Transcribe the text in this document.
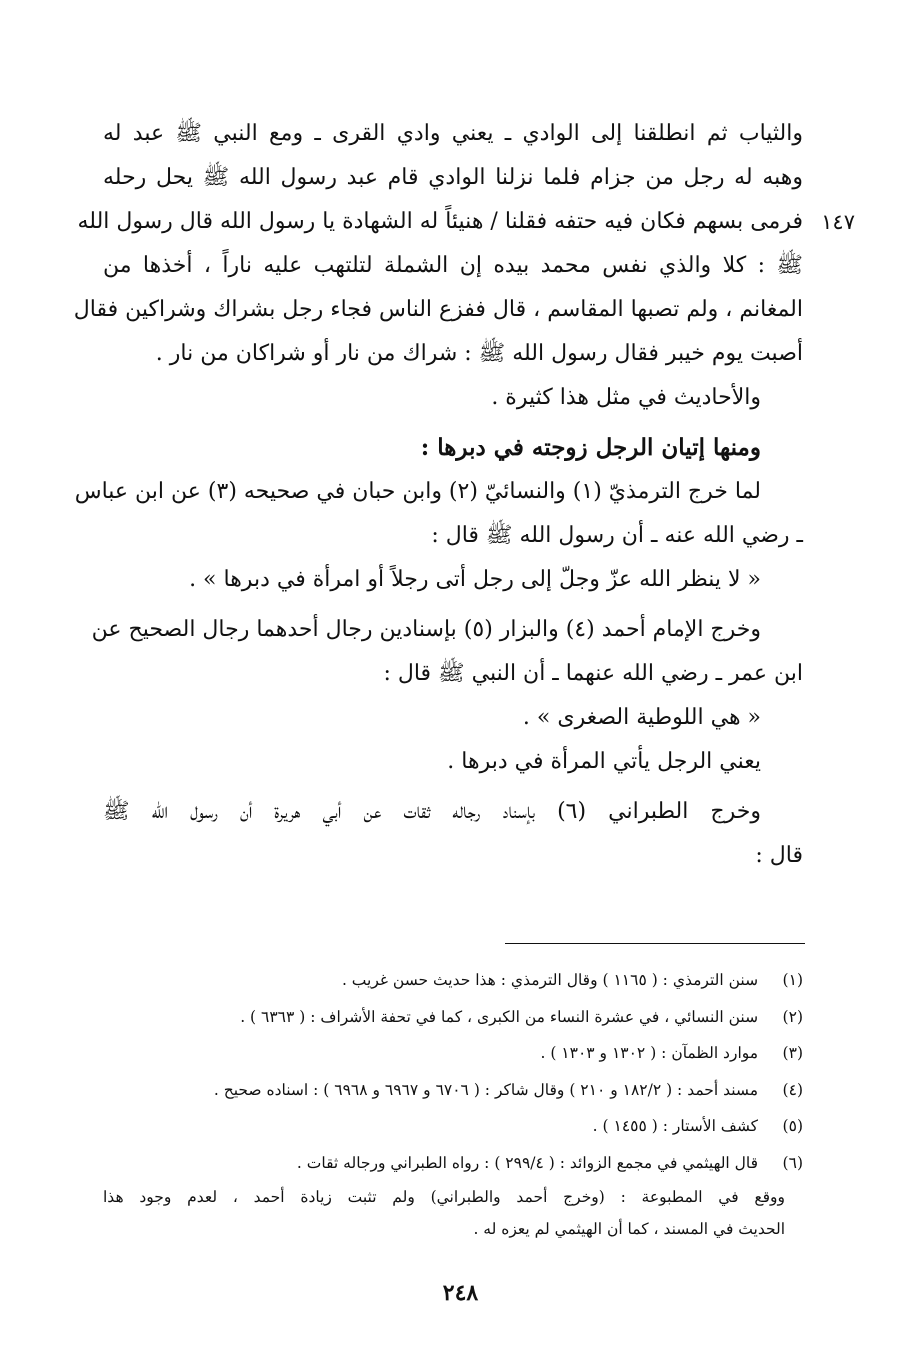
١٤٧
والثياب ثم انطلقنا إلى الوادي ـ يعني وادي القرى ـ ومع النبي ﷺ عبد له
وهبه له رجل من جزام فلما نزلنا الوادي قام عبد رسول الله ﷺ يحل رحله
فرمى بسهم فكان فيه حتفه فقلنا / هنيئاً له الشهادة يا رسول الله قال رسول الله
ﷺ : كلا والذي نفس محمد بيده إن الشملة لتلتهب عليه ناراً ، أخذها من
المغانم ، ولم تصبها المقاسم ، قال ففزع الناس فجاء رجل بشراك وشراكين فقال
أصبت يوم خيبر فقال رسول الله ﷺ : شراك من نار أو شراكان من نار .
والأحاديث في مثل هذا كثيرة .
ومنها إتيان الرجل زوجته في دبرها :
لما خرج الترمذيّ (١) والنسائيّ (٢) وابن حبان في صحيحه (٣) عن ابن عباس
ـ رضي الله عنه ـ أن رسول الله ﷺ قال :
« لا ينظر الله عزّ وجلّ إلى رجل أتى رجلاً أو امرأة في دبرها » .
وخرج الإمام أحمد (٤) والبزار (٥) بإسنادين رجال أحدهما رجال الصحيح عن
ابن عمر ـ رضي الله عنهما ـ أن النبي ﷺ قال :
« هي اللوطية الصغرى » .
يعني الرجل يأتي المرأة في دبرها .
وخرج الطبراني (٦) بإسناد رجاله ثقات عن أبي هريرة أن رسول الله ﷺ
قال :
(١) سنن الترمذي : ( ١١٦٥ ) وقال الترمذي : هذا حديث حسن غريب .
(٢) سنن النسائي ، في عشرة النساء من الكبرى ، كما في تحفة الأشراف : ( ٦٣٦٣ ) .
(٣) موارد الظمآن : ( ١٣٠٢ و ١٣٠٣ ) .
(٤) مسند أحمد : ( ١٨٢/٢ و ٢١٠ ) وقال شاكر : ( ٦٧٠٦ و ٦٩٦٧ و ٦٩٦٨ ) : اسناده صحيح .
(٥) كشف الأستار : ( ١٤٥٥ ) .
(٦) قال الهيثمي في مجمع الزوائد : ( ٢٩٩/٤ ) : رواه الطبراني ورجاله ثقات .
ووقع في المطبوعة : (وخرج أحمد والطبراني) ولم تثبت زيادة أحمد ، لعدم وجود هذا
الحديث في المسند ، كما أن الهيثمي لم يعزه له .
٢٤٨
